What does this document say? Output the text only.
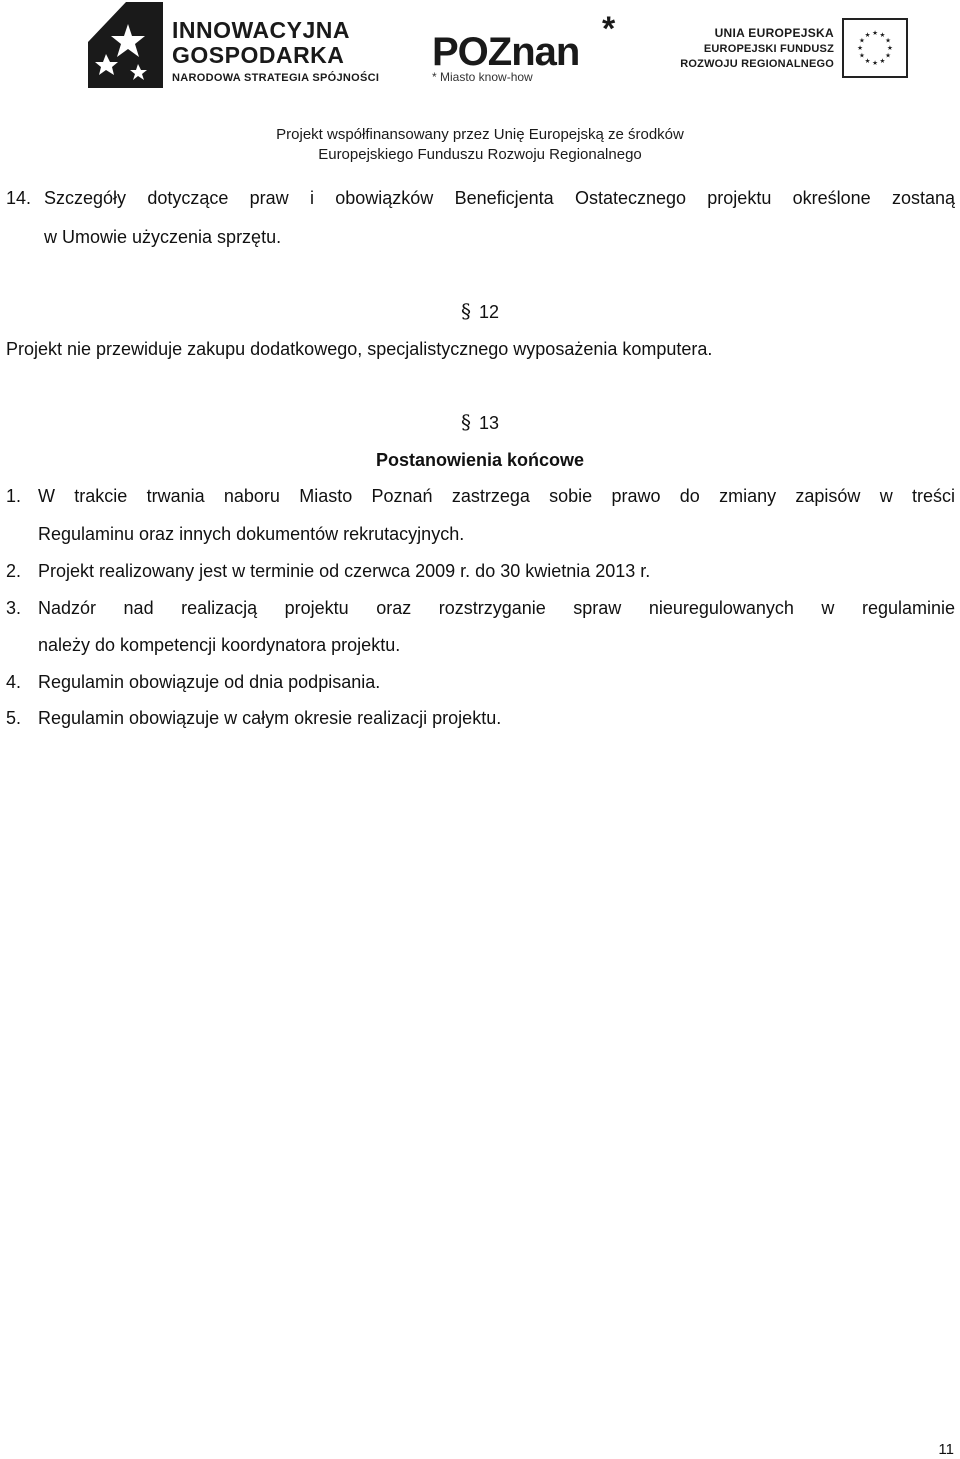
INNOWACYJNA
GOSPODARKA
NARODOWA STRATEGIA SPÓJNOŚCI
POZnan
*
* Miasto know-how
UNIA EUROPEJSKA
EUROPEJSKI FUNDUSZ
ROZWOJU REGIONALNEGO
★ ★
★
★
★
★
★
★
★
★
★
★
Projekt współfinansowany przez Unię Europejską ze środków
Europejskiego Funduszu Rozwoju Regionalnego
14. Szczegóły dotyczące praw i obowiązków Beneficjenta Ostatecznego projektu określone zostaną
w Umowie użyczenia sprzętu.
§ 12
Projekt nie przewiduje zakupu dodatkowego, specjalistycznego wyposażenia komputera.
§ 13
Postanowienia końcowe
1. W trakcie trwania naboru Miasto Poznań zastrzega sobie prawo do zmiany zapisów w treści
Regulaminu oraz innych dokumentów rekrutacyjnych.
2. Projekt realizowany jest w terminie od czerwca 2009 r. do 30 kwietnia 2013 r.
3. Nadzór nad realizacją projektu oraz rozstrzyganie spraw nieuregulowanych w regulaminie
należy do kompetencji koordynatora projektu.
4. Regulamin obowiązuje od dnia podpisania.
5. Regulamin obowiązuje w całym okresie realizacji projektu.
11
